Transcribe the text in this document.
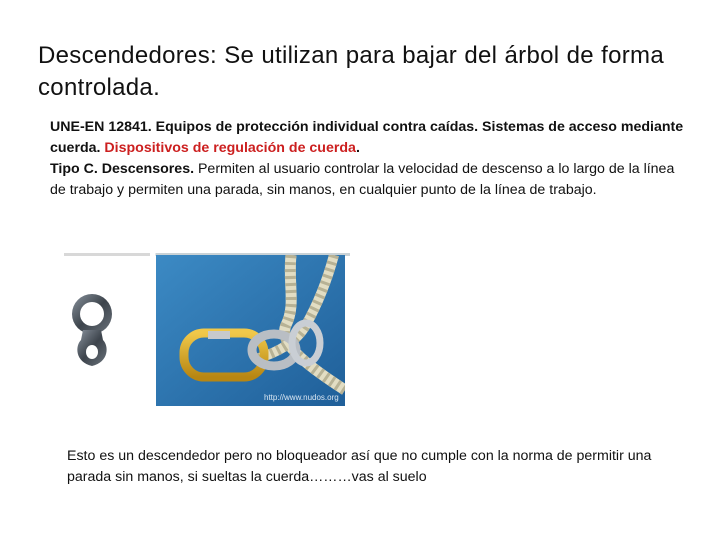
Descendedores: Se utilizan para bajar del árbol de forma controlada.

UNE-EN 12841. Equipos de protección individual contra caídas. Sistemas de acceso mediante cuerda. Dispositivos de regulación de cuerda.

Tipo C. Descensores. Permiten al usuario controlar la velocidad de descenso a lo largo de la línea de trabajo y permiten una parada, sin manos, en cualquier punto de la línea de trabajo.

http://www.nudos.org

Esto es un descendedor pero no bloqueador así que no cumple con la norma de permitir una parada sin manos, si sueltas la cuerda………vas al suelo
